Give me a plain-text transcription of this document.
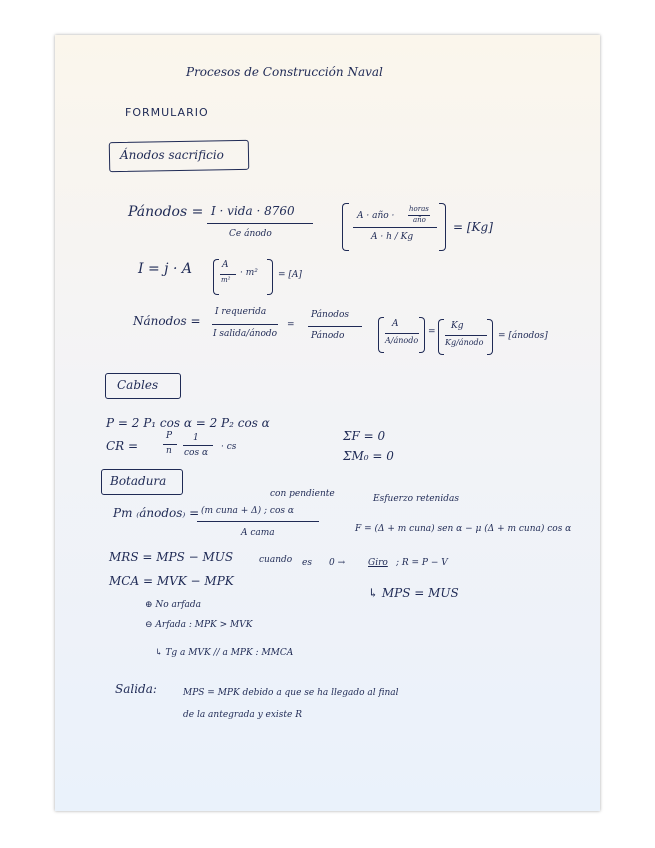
Procesos de Construcción Naval
FORMULARIO
Ánodos sacrificio
Pánodos = I · vida · 8760
Ce ánodo
A · año ·
horas
año
A · h / Kg
= [Kg]
I = j · A	A
m²
· m² = [A]
Nánodos =
I requerida
I salida/ánodo
=
Pánodos
Pánodo
A
A/ánodo
=
Kg
Kg/ánodo
= [ánodos]
Cables
P = 2 P₁ cos α = 2 P₂ cos α
CR =
P
n
1
cos α
· cs
ΣF = 0
ΣM₀ = 0
Botadura
con pendiente	Esfuerzo retenidas
Pm ₍ánodos₎ = (m cuna + Δ) ; cos α
A cama	F = (Δ + m cuna) sen α − μ (Δ + m cuna) cos α
MRS = MPS − MUS	cuando es 0 →	Giro ; R = P − V
↳ MPS = MUS
MCA = MVK − MPK
⊕ No arfada
⊖ Arfada : MPK > MVK
↳ Tg a MVK // a MPK : MMCA
Salida:	MPS = MPK debido a que se ha llegado al final
de la antegrada y existe R
